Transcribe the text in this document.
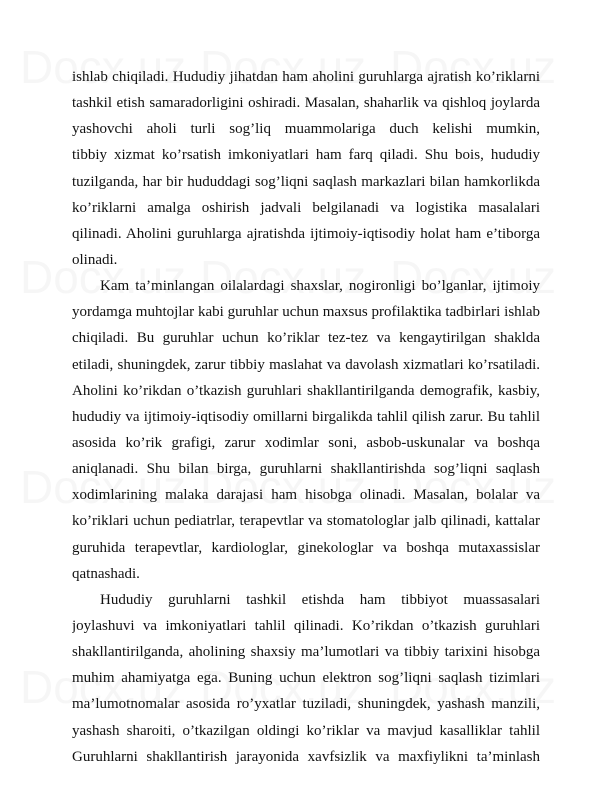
ishlab chiqiladi. Hududiy jihatdan ham aholini guruhlarga ajratish ko’riklarni
tashkil etish samaradorligini oshiradi. Masalan, shaharlik va qishloq joylarda
yashovchi aholi turli sog’liq muammolariga duch kelishi mumkin,
tibbiy xizmat ko’rsatish imkoniyatlari ham farq qiladi. Shu bois, hududiy
tuzilganda, har bir hududdagi sog’liqni saqlash markazlari bilan hamkorlikda
ko’riklarni amalga oshirish jadvali belgilanadi va logistika masalalari
qilinadi. Aholini guruhlarga ajratishda ijtimoiy-iqtisodiy holat ham e’tiborga
olinadi.
Kam ta’minlangan oilalardagi shaxslar, nogironligi bo’lganlar, ijtimoiy
yordamga muhtojlar kabi guruhlar uchun maxsus profilaktika tadbirlari ishlab
chiqiladi. Bu guruhlar uchun ko’riklar tez-tez va kengaytirilgan shaklda
etiladi, shuningdek, zarur tibbiy maslahat va davolash xizmatlari ko’rsatiladi.
Aholini ko’rikdan o’tkazish guruhlari shakllantirilganda demografik, kasbiy,
hududiy va ijtimoiy-iqtisodiy omillarni birgalikda tahlil qilish zarur. Bu tahlil
asosida ko’rik grafigi, zarur xodimlar soni, asbob-uskunalar va boshqa
aniqlanadi. Shu bilan birga, guruhlarni shakllantirishda sog’liqni saqlash
xodimlarining malaka darajasi ham hisobga olinadi. Masalan, bolalar va
ko’riklari uchun pediatrlar, terapevtlar va stomatologlar jalb qilinadi, kattalar
guruhida terapevtlar, kardiologlar, ginekologlar va boshqa mutaxassislar
qatnashadi.
Hududiy guruhlarni tashkil etishda ham tibbiyot muassasalari
joylashuvi va imkoniyatlari tahlil qilinadi. Ko’rikdan o’tkazish guruhlari
shakllantirilganda, aholining shaxsiy ma’lumotlari va tibbiy tarixini hisobga
muhim ahamiyatga ega. Buning uchun elektron sog’liqni saqlash tizimlari
ma’lumotnomalar asosida ro’yxatlar tuziladi, shuningdek, yashash manzili,
yashash sharoiti, o’tkazilgan oldingi ko’riklar va mavjud kasalliklar tahlil
Guruhlarni shakllantirish jarayonida xavfsizlik va maxfiylikni ta’minlash
